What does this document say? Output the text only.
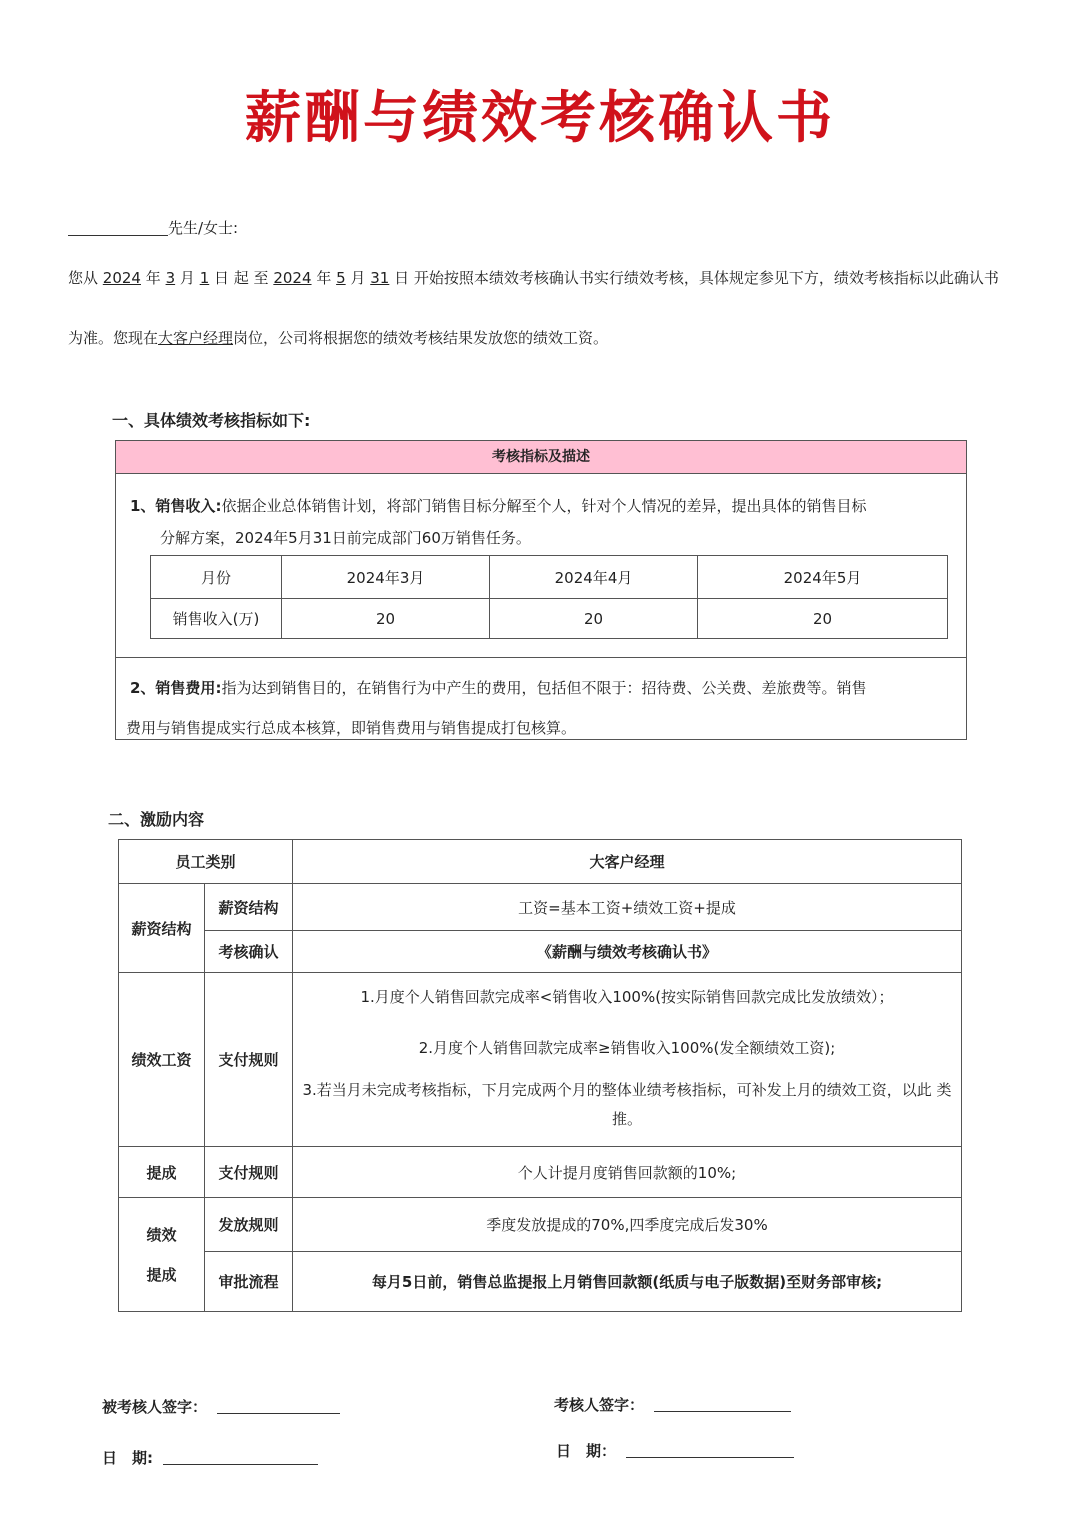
薪酬与绩效考核确认书
先生/女士:
您从 2024 年 3 月 1 日 起 至 2024 年 5 月 31 日 开始按照本绩效考核确认书实行绩效考核，具体规定参见下方，绩效考核指标以此确认书
为准。您现在大客户经理岗位，公司将根据您的绩效考核结果发放您的绩效工资。
一、具体绩效考核指标如下:
考核指标及描述
1、销售收入:依据企业总体销售计划，将部门销售目标分解至个人，针对个人情况的差异，提出具体的销售目标
分解方案，2024年5月31日前完成部门60万销售任务。
月份	2024年3月	2024年4月	2024年5月
销售收入(万)	20	20	20
2、销售费用:指为达到销售目的，在销售行为中产生的费用，包括但不限于：招待费、公关费、差旅费等。销售
费用与销售提成实行总成本核算，即销售费用与销售提成打包核算。
二、激励内容
员工类别		大客户经理
薪资结构	薪资结构	工资=基本工资+绩效工资+提成
	考核确认	《薪酬与绩效考核确认书》
绩效工资	支付规则	1.月度个人销售回款完成率<销售收入100%(按实际销售回款完成比发放绩效）；
2.月度个人销售回款完成率≥销售收入100%(发全额绩效工资);
3.若当月未完成考核指标，下月完成两个月的整体业绩考核指标，可补发上月的绩效工资，以此 类推。

提成	支付规则	个人计提月度销售回款额的10%;

绩效
提成	发放规则	季度发放提成的70%,四季度完成后发30%
	审批流程	每月5日前，销售总监提报上月销售回款额(纸质与电子版数据)至财务部审核;
被考核人签字：	考核人签字：
日　期:	日　期：
